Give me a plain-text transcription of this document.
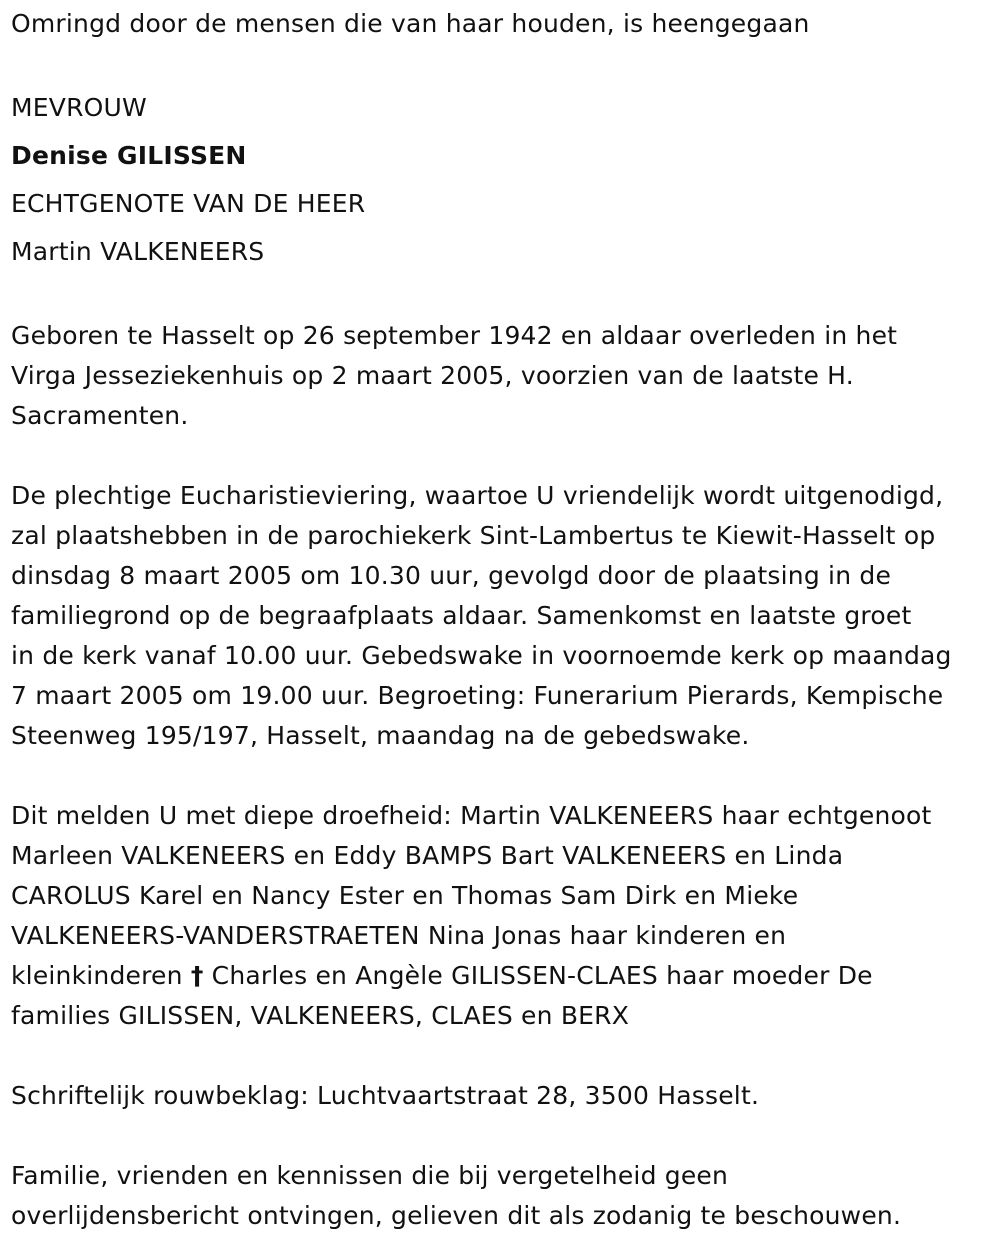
Omringd door de mensen die van haar houden, is heengegaan
MEVROUW
Denise GILISSEN
ECHTGENOTE VAN DE HEER
Martin VALKENEERS
Geboren te Hasselt op 26 september 1942 en aldaar overleden in het
Virga Jesseziekenhuis op 2 maart 2005, voorzien van de laatste H.
Sacramenten.
De plechtige Eucharistieviering, waartoe U vriendelijk wordt uitgenodigd,
zal plaatshebben in de parochiekerk Sint-Lambertus te Kiewit-Hasselt op
dinsdag 8 maart 2005 om 10.30 uur, gevolgd door de plaatsing in de
familiegrond op de begraafplaats aldaar. Samenkomst en laatste groet
in de kerk vanaf 10.00 uur. Gebedswake in voornoemde kerk op maandag
7 maart 2005 om 19.00 uur. Begroeting: Funerarium Pierards, Kempische
Steenweg 195/197, Hasselt, maandag na de gebedswake.
Dit melden U met diepe droefheid: Martin VALKENEERS haar echtgenoot
Marleen VALKENEERS en Eddy BAMPS Bart VALKENEERS en Linda
CAROLUS Karel en Nancy Ester en Thomas Sam Dirk en Mieke
VALKENEERS-VANDERSTRAETEN Nina Jonas haar kinderen en
kleinkinderen † Charles en Angèle GILISSEN-CLAES haar moeder De
families GILISSEN, VALKENEERS, CLAES en BERX
Schriftelijk rouwbeklag: Luchtvaartstraat 28, 3500 Hasselt.
Familie, vrienden en kennissen die bij vergetelheid geen
overlijdensbericht ontvingen, gelieven dit als zodanig te beschouwen.
